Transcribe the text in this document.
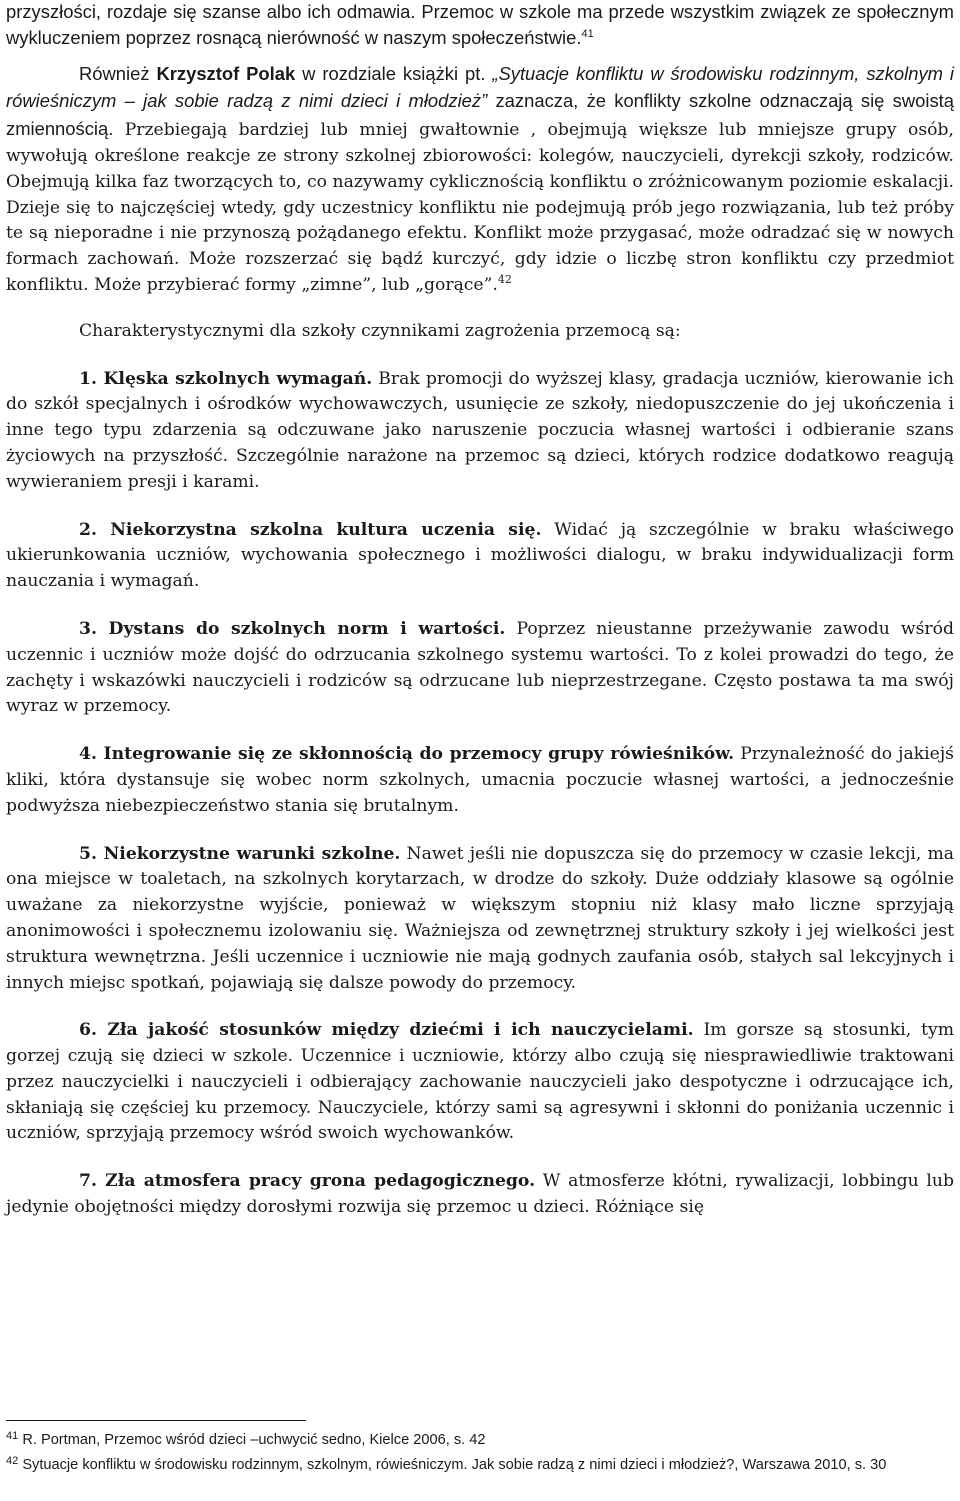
przyszłości, rozdaje się szanse albo ich odmawia. Przemoc w szkole ma przede wszystkim związek ze społecznym wykluczeniem poprzez rosnącą nierówność w naszym społeczeństwie.$^{41}$

Również Krzysztof Polak w rozdziale książki pt. „Sytuacje konfliktu w środowisku rodzinnym, szkolnym i rówieśniczym – jak sobie radzą z nimi dzieci i młodzież” zaznacza, że konflikty szkolne odznaczają się swoistą zmiennością. Przebiegają bardziej lub mniej gwałtownie , obejmują większe lub mniejsze grupy osób, wywołują określone reakcje ze strony szkolnej zbiorowości: kolegów, nauczycieli, dyrekcji szkoły, rodziców. Obejmują kilka faz tworzących to, co nazywamy cyklicznością konfliktu o zróżnicowanym poziomie eskalacji. Dzieje się to najczęściej wtedy, gdy uczestnicy konfliktu nie podejmują prób jego rozwiązania, lub też próby te są nieporadne i nie przynoszą pożądanego efektu. Konflikt może przygasać, może odradzać się w nowych formach zachowań. Może rozszerzać się bądź kurczyć, gdy idzie o liczbę stron konfliktu czy przedmiot konfliktu. Może przybierać formy „zimne”, lub „gorące”.$^{42}$

Charakterystycznymi dla szkoły czynnikami zagrożenia przemocą są:

1. Klęska szkolnych wymagań. Brak promocji do wyższej klasy, gradacja uczniów, kierowanie ich do szkół specjalnych i ośrodków wychowawczych, usunięcie ze szkoły, niedopuszczenie do jej ukończenia i inne tego typu zdarzenia są odczuwane jako naruszenie poczucia własnej wartości i odbieranie szans życiowych na przyszłość. Szczególnie narażone na przemoc są dzieci, których rodzice dodatkowo reagują wywieraniem presji i karami.

2. Niekorzystna szkolna kultura uczenia się. Widać ją szczególnie w braku właściwego ukierunkowania uczniów, wychowania społecznego i możliwości dialogu, w braku indywidualizacji form nauczania i wymagań.

3. Dystans do szkolnych norm i wartości. Poprzez nieustanne przeżywanie zawodu wśród uczennic i uczniów może dojść do odrzucania szkolnego systemu wartości. To z kolei prowadzi do tego, że zachęty i wskazówki nauczycieli i rodziców są odrzucane lub nieprzestrzegane. Często postawa ta ma swój wyraz w przemocy.

4. Integrowanie się ze skłonnością do przemocy grupy rówieśników. Przynależność do jakiejś kliki, która dystansuje się wobec norm szkolnych, umacnia poczucie własnej wartości, a jednocześnie podwyższa niebezpieczeństwo stania się brutalnym.

5. Niekorzystne warunki szkolne. Nawet jeśli nie dopuszcza się do przemocy w czasie lekcji, ma ona miejsce w toaletach, na szkolnych korytarzach, w drodze do szkoły. Duże oddziały klasowe są ogólnie uważane za niekorzystne wyjście, ponieważ w większym stopniu niż klasy mało liczne sprzyjają anonimowości i społecznemu izolowaniu się. Ważniejsza od zewnętrznej struktury szkoły i jej wielkości jest struktura wewnętrzna. Jeśli uczennice i uczniowie nie mają godnych zaufania osób, stałych sal lekcyjnych i innych miejsc spotkań, pojawiają się dalsze powody do przemocy.

6. Zła jakość stosunków między dziećmi i ich nauczycielami. Im gorsze są stosunki, tym gorzej czują się dzieci w szkole. Uczennice i uczniowie, którzy albo czują się niesprawiedliwie traktowani przez nauczycielki i nauczycieli i odbierający zachowanie nauczycieli jako despotyczne i odrzucające ich, skłaniają się częściej ku przemocy. Nauczyciele, którzy sami są agresywni i skłonni do poniżania uczennic i uczniów, sprzyjają przemocy wśród swoich wychowanków.

7. Zła atmosfera pracy grona pedagogicznego. W atmosferze kłótni, rywalizacji, lobbingu lub jedynie obojętności między dorosłymi rozwija się przemoc u dzieci. Różniące się

$^{41}$ R. Portman, Przemoc wśród dzieci –uchwycić sedno, Kielce 2006, s. 42

$^{42}$ Sytuacje konfliktu w środowisku rodzinnym, szkolnym, rówieśniczym. Jak sobie radzą z nimi dzieci i młodzież?, Warszawa 2010, s. 30
